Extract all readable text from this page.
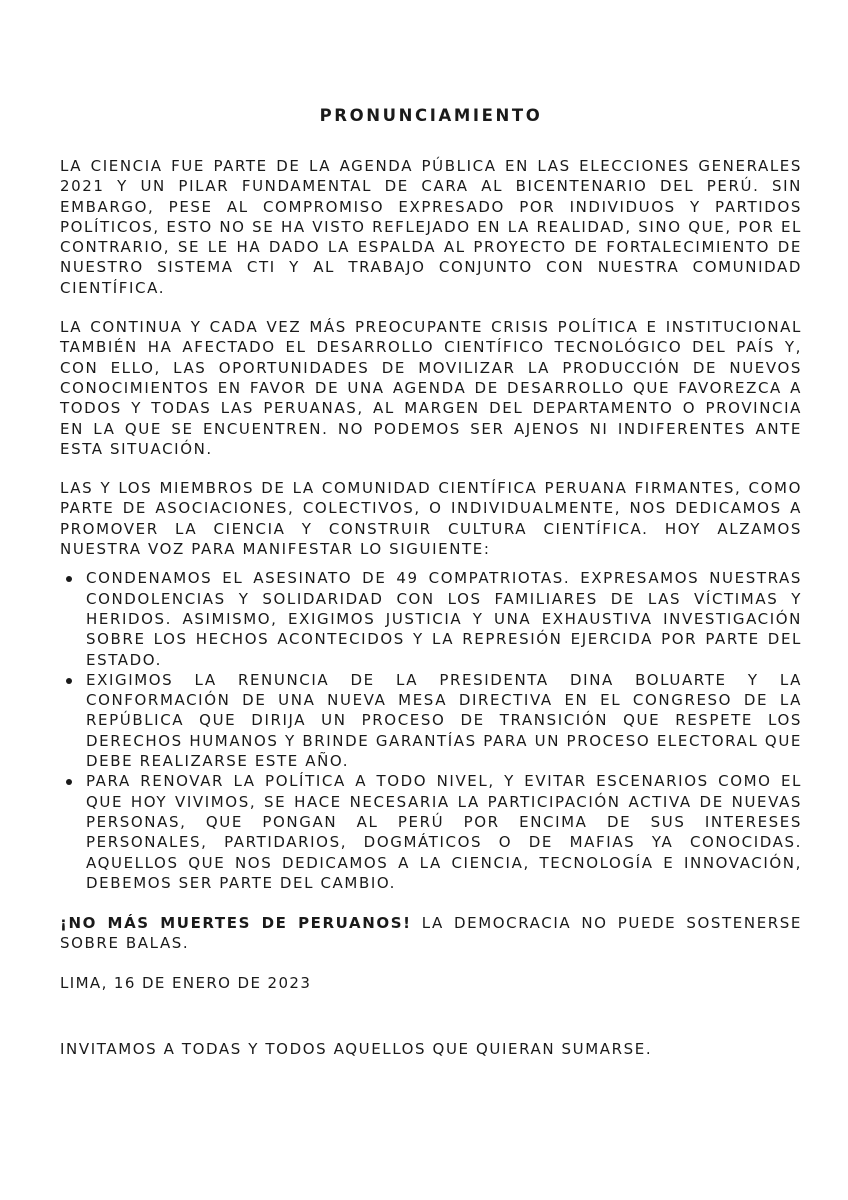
PRONUNCIAMIENTO

LA CIENCIA FUE PARTE DE LA AGENDA PÚBLICA EN LAS ELECCIONES GENERALES 2021 Y UN PILAR FUNDAMENTAL DE CARA AL BICENTENARIO DEL PERÚ. SIN EMBARGO, PESE AL COMPROMISO EXPRESADO POR INDIVIDUOS Y PARTIDOS POLÍTICOS, ESTO NO SE HA VISTO REFLEJADO EN LA REALIDAD, SINO QUE, POR EL CONTRARIO, SE LE HA DADO LA ESPALDA AL PROYECTO DE FORTALECIMIENTO DE NUESTRO SISTEMA CTI Y AL TRABAJO CONJUNTO CON NUESTRA COMUNIDAD CIENTÍFICA.

LA CONTINUA Y CADA VEZ MÁS PREOCUPANTE CRISIS POLÍTICA E INSTITUCIONAL TAMBIÉN HA AFECTADO EL DESARROLLO CIENTÍFICO TECNOLÓGICO DEL PAÍS Y, CON ELLO, LAS OPORTUNIDADES DE MOVILIZAR LA PRODUCCIÓN DE NUEVOS CONOCIMIENTOS EN FAVOR DE UNA AGENDA DE DESARROLLO QUE FAVOREZCA A TODOS Y TODAS LAS PERUANAS, AL MARGEN DEL DEPARTAMENTO O PROVINCIA EN LA QUE SE ENCUENTREN. NO PODEMOS SER AJENOS NI INDIFERENTES ANTE ESTA SITUACIÓN.

LAS Y LOS MIEMBROS DE LA COMUNIDAD CIENTÍFICA PERUANA FIRMANTES, COMO PARTE DE ASOCIACIONES, COLECTIVOS, O INDIVIDUALMENTE, NOS DEDICAMOS A PROMOVER LA CIENCIA Y CONSTRUIR CULTURA CIENTÍFICA. HOY ALZAMOS NUESTRA VOZ PARA MANIFESTAR LO SIGUIENTE:

CONDENAMOS EL ASESINATO DE 49 COMPATRIOTAS. EXPRESAMOS NUESTRAS CONDOLENCIAS Y SOLIDARIDAD CON LOS FAMILIARES DE LAS VÍCTIMAS Y HERIDOS. ASIMISMO, EXIGIMOS JUSTICIA Y UNA EXHAUSTIVA INVESTIGACIÓN SOBRE LOS HECHOS ACONTECIDOS Y LA REPRESIÓN EJERCIDA POR PARTE DEL ESTADO.
EXIGIMOS LA RENUNCIA DE LA PRESIDENTA DINA BOLUARTE Y LA CONFORMACIÓN DE UNA NUEVA MESA DIRECTIVA EN EL CONGRESO DE LA REPÚBLICA QUE DIRIJA UN PROCESO DE TRANSICIÓN QUE RESPETE LOS DERECHOS HUMANOS Y BRINDE GARANTÍAS PARA UN PROCESO ELECTORAL QUE DEBE REALIZARSE ESTE AÑO.
PARA RENOVAR LA POLÍTICA A TODO NIVEL, Y EVITAR ESCENARIOS COMO EL QUE HOY VIVIMOS, SE HACE NECESARIA LA PARTICIPACIÓN ACTIVA DE NUEVAS PERSONAS, QUE PONGAN AL PERÚ POR ENCIMA DE SUS INTERESES PERSONALES, PARTIDARIOS, DOGMÁTICOS O DE MAFIAS YA CONOCIDAS. AQUELLOS QUE NOS DEDICAMOS A LA CIENCIA, TECNOLOGÍA E INNOVACIÓN, DEBEMOS SER PARTE DEL CAMBIO.

¡NO MÁS MUERTES DE PERUANOS! LA DEMOCRACIA NO PUEDE SOSTENERSE SOBRE BALAS.

LIMA, 16 DE ENERO DE 2023

INVITAMOS A TODAS Y TODOS AQUELLOS QUE QUIERAN SUMARSE.
